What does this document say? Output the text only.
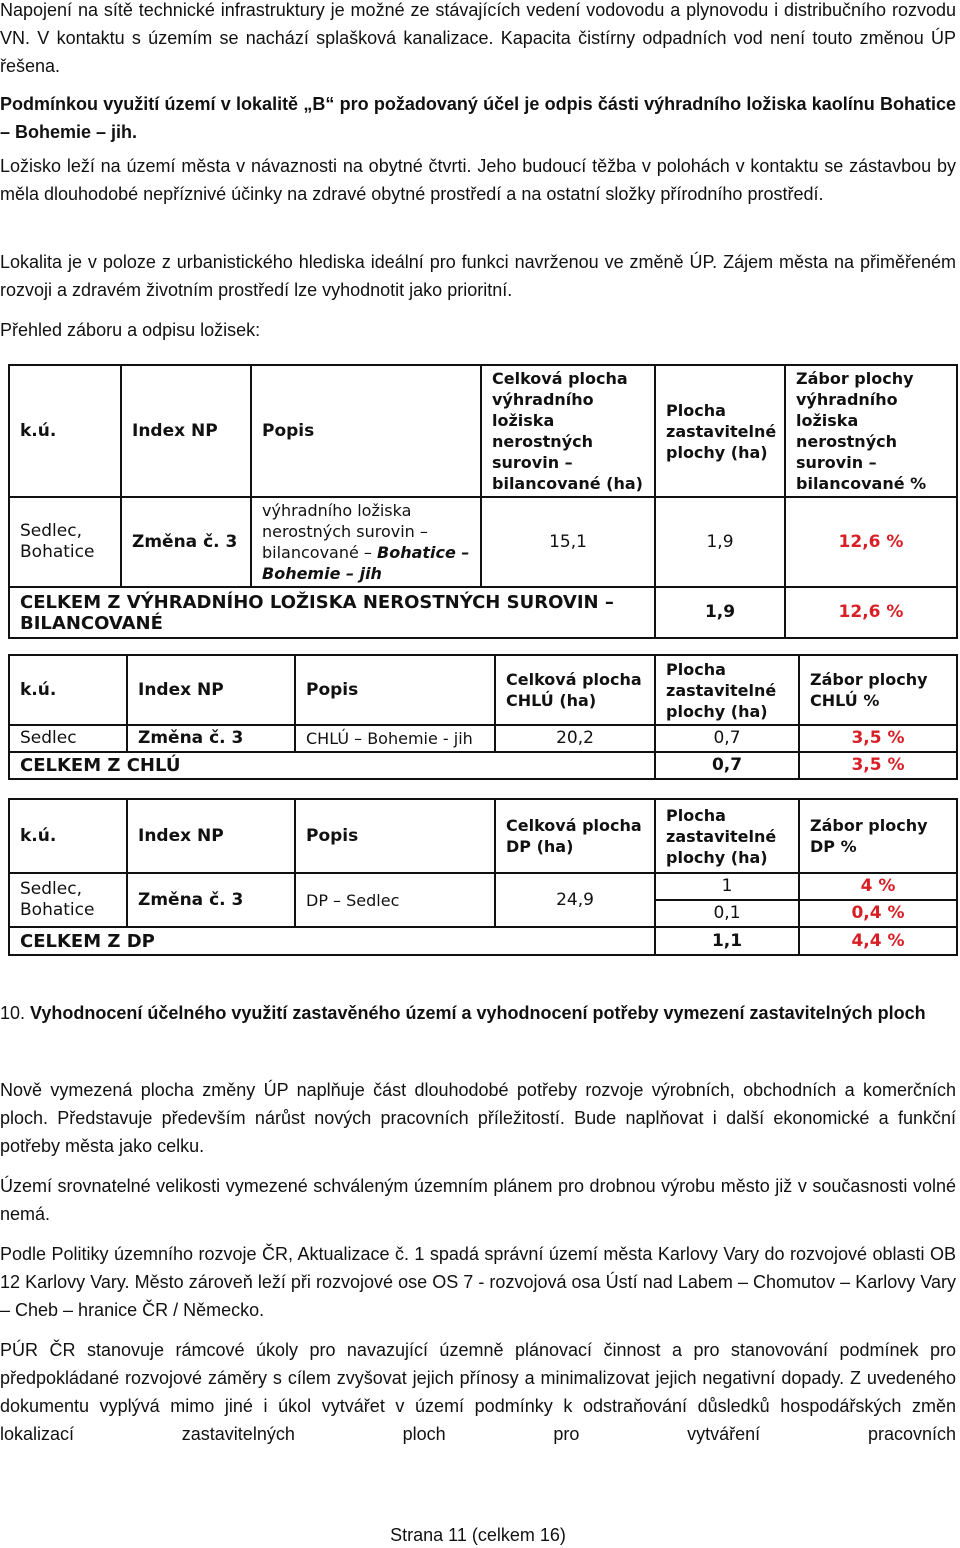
Napojení na sítě technické infrastruktury je možné ze stávajících vedení vodovodu a plynovodu i distribučního rozvodu VN. V kontaktu s územím se nachází splašková kanalizace. Kapacita čistírny odpadních vod není touto změnou ÚP řešena.

Podmínkou využití území v lokalitě „B“ pro požadovaný účel je odpis části výhradního ložiska kaolínu Bohatice – Bohemie – jih.

Ložisko leží na území města v návaznosti na obytné čtvrti. Jeho budoucí těžba v polohách v kontaktu se zástavbou by měla dlouhodobé nepříznivé účinky na zdravé obytné prostředí a na ostatní složky přírodního prostředí.

Lokalita je v poloze z urbanistického hlediska ideální pro funkci navrženou ve změně ÚP. Zájem města na přiměřeném rozvoji a zdravém životním prostředí lze vyhodnotit jako prioritní.

Přehled záboru a odpisu ložisek:

k.ú.	Index NP	Popis	Celková plocha výhradního ložiska nerostných surovin – bilancované (ha)	Plocha zastavitelné plochy (ha)	Zábor plochy výhradního ložiska nerostných surovin – bilancované %
Sedlec, Bohatice	Změna č. 3	výhradního ložiska nerostných surovin – bilancované – Bohatice – Bohemie – jih	15,1	1,9	12,6 %
CELKEM Z VÝHRADNÍHO LOŽISKA NEROSTNÝCH SUROVIN – BILANCOVANÉ				1,9	12,6 %
k.ú.	Index NP	Popis	Celková plocha CHLÚ (ha)	Plocha zastavitelné plochy (ha)	Zábor plochy CHLÚ %
Sedlec	Změna č. 3	CHLÚ – Bohemie - jih	20,2	0,7	3,5 %
CELKEM Z CHLÚ				0,7	3,5 %
k.ú.	Index NP	Popis	Celková plocha DP (ha)	Plocha zastavitelné plochy (ha)	Zábor plochy DP %
Sedlec, Bohatice	Změna č. 3	DP – Sedlec	24,9	1	4 %
				0,1	0,4 %
CELKEM Z DP				1,1	4,4 %

10. Vyhodnocení účelného využití zastavěného území a vyhodnocení potřeby vymezení zastavitelných ploch

Nově vymezená plocha změny ÚP naplňuje část dlouhodobé potřeby rozvoje výrobních, obchodních a komerčních ploch. Představuje především nárůst nových pracovních příležitostí. Bude naplňovat i další ekonomické a funkční potřeby města jako celku.

Území srovnatelné velikosti vymezené schváleným územním plánem pro drobnou výrobu město již v současnosti volné nemá.

Podle Politiky územního rozvoje ČR, Aktualizace č. 1 spadá správní území města Karlovy Vary do rozvojové oblasti OB 12 Karlovy Vary. Město zároveň leží při rozvojové ose OS 7 - rozvojová osa Ústí nad Labem – Chomutov – Karlovy Vary – Cheb – hranice ČR / Německo.

PÚR ČR stanovuje rámcové úkoly pro navazující územně plánovací činnost a pro stanovování podmínek pro předpokládané rozvojové záměry s cílem zvyšovat jejich přínosy a minimalizovat jejich negativní dopady. Z uvedeného dokumentu vyplývá mimo jiné i úkol vytvářet v území podmínky k odstraňování důsledků hospodářských změn lokalizací zastavitelných ploch pro vytváření pracovních

Strana 11 (celkem 16)
